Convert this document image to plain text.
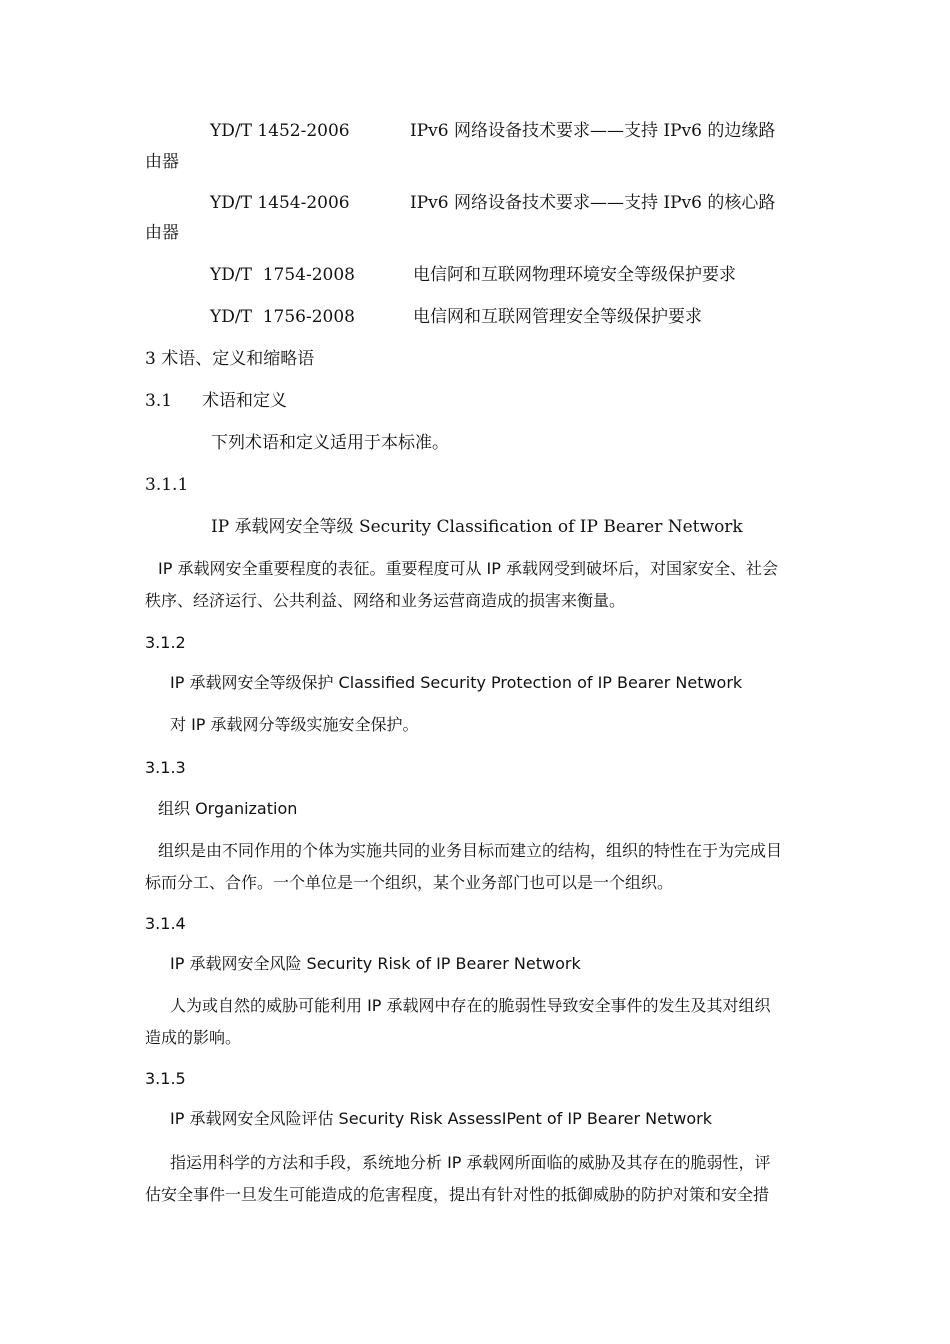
YD/T 1452-2006	IPv6 网络设备技术要求——支持 IPv6 的边缘路
由器
YD/T 1454-2006	IPv6 网络设备技术要求——支持 IPv6 的核心路
由器
YD/T  1754-2008	电信阿和互联网物理环境安全等级保护要求
YD/T  1756-2008	电信网和互联网管理安全等级保护要求
3 术语、定义和缩略语
3.1 术语和定义
下列术语和定义适用于本标准。
3.1.1
IP 承载网安全等级 Security Classification of IP Bearer Network
IP 承载网安全重要程度的表征。重要程度可从 IP 承载网受到破坏后，对国家安全、社会
秩序、经济运行、公共利益、网络和业务运营商造成的损害来衡量。
3.1.2
IP 承载网安全等级保护 Classified Security Protection of IP Bearer Network
对 IP 承载网分等级实施安全保护。
3.1.3
组织 Organization
组织是由不同作用的个体为实施共同的业务目标而建立的结构，组织的特性在于为完成目
标而分工、合作。一个单位是一个组织，某个业务部门也可以是一个组织。
3.1.4
IP 承载网安全风险 Security Risk of IP Bearer Network
人为或自然的威胁可能利用 IP 承载网中存在的脆弱性导致安全事件的发生及其对组织
造成的影响。
3.1.5
IP 承载网安全风险评估 Security Risk AssessIPent of IP Bearer Network
指运用科学的方法和手段，系统地分析 IP 承载网所面临的威胁及其存在的脆弱性，评
估安全事件一旦发生可能造成的危害程度，提出有针对性的抵御威胁的防护对策和安全措
